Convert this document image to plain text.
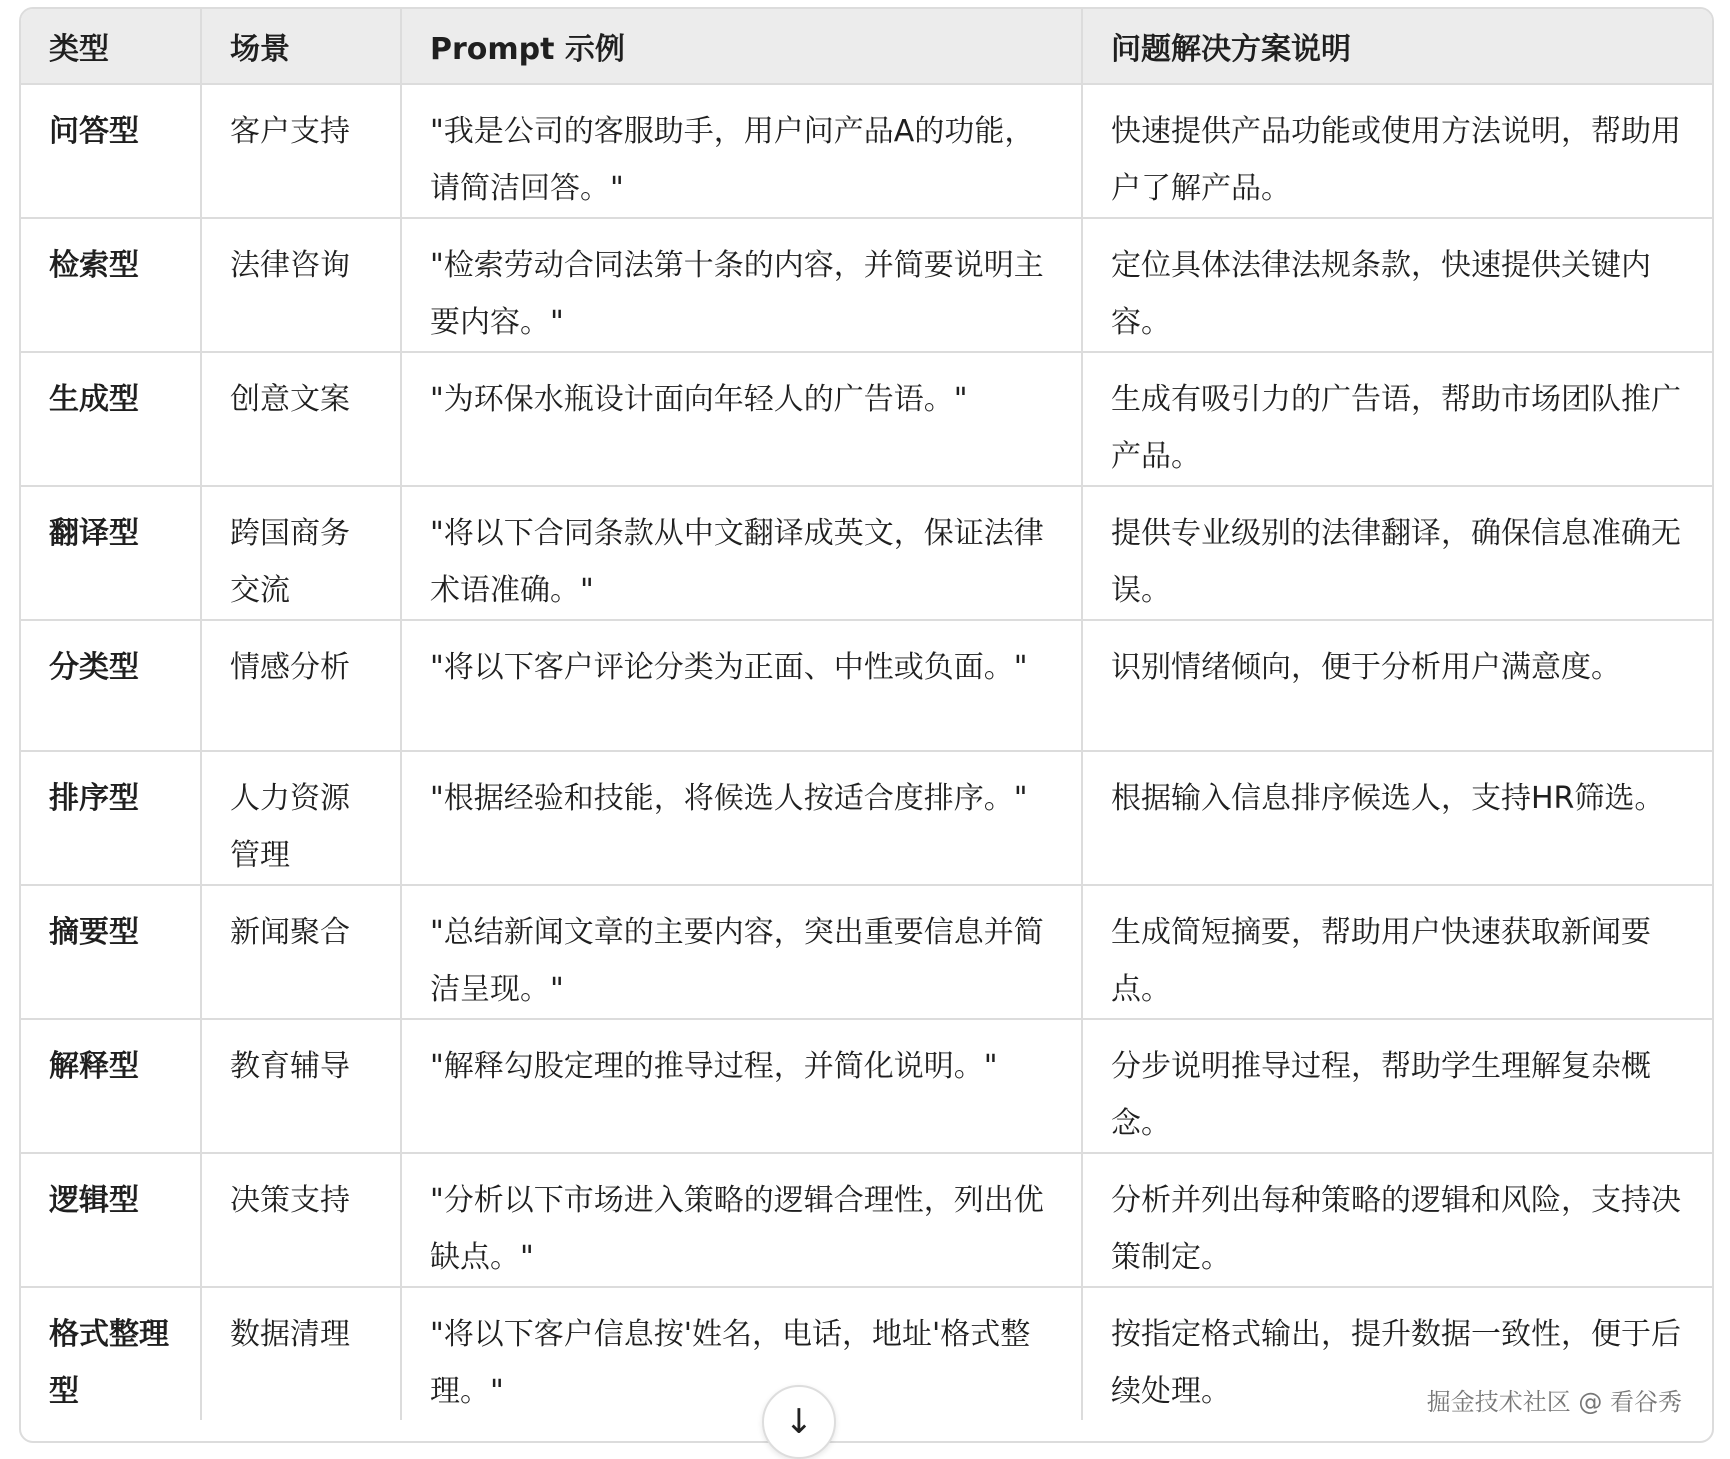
类型	场景	Prompt 示例	问题解决方案说明
问答型	客户支持	"我是公司的客服助手，用户问产品A的功能，请简洁回答。"	快速提供产品功能或使用方法说明，帮助用户了解产品。
检索型	法律咨询	"检索劳动合同法第十条的内容，并简要说明主要内容。"	定位具体法律法规条款，快速提供关键内容。
生成型	创意文案	"为环保水瓶设计面向年轻人的广告语。"	生成有吸引力的广告语，帮助市场团队推广产品。
翻译型	跨国商务交流	"将以下合同条款从中文翻译成英文，保证法律术语准确。"	提供专业级别的法律翻译，确保信息准确无误。
分类型	情感分析	"将以下客户评论分类为正面、中性或负面。"	识别情绪倾向，便于分析用户满意度。
排序型	人力资源管理	"根据经验和技能，将候选人按适合度排序。"	根据输入信息排序候选人，支持HR筛选。
摘要型	新闻聚合	"总结新闻文章的主要内容，突出重要信息并简洁呈现。"	生成简短摘要，帮助用户快速获取新闻要点。
解释型	教育辅导	"解释勾股定理的推导过程，并简化说明。"	分步说明推导过程，帮助学生理解复杂概念。
逻辑型	决策支持	"分析以下市场进入策略的逻辑合理性，列出优缺点。"	分析并列出每种策略的逻辑和风险，支持决策制定。
格式整理型	数据清理	"将以下客户信息按'姓名，电话，地址'格式整理。"	按指定格式输出，提升数据一致性，便于后续处理。	掘金技术社区 @ 看谷秀
↓
